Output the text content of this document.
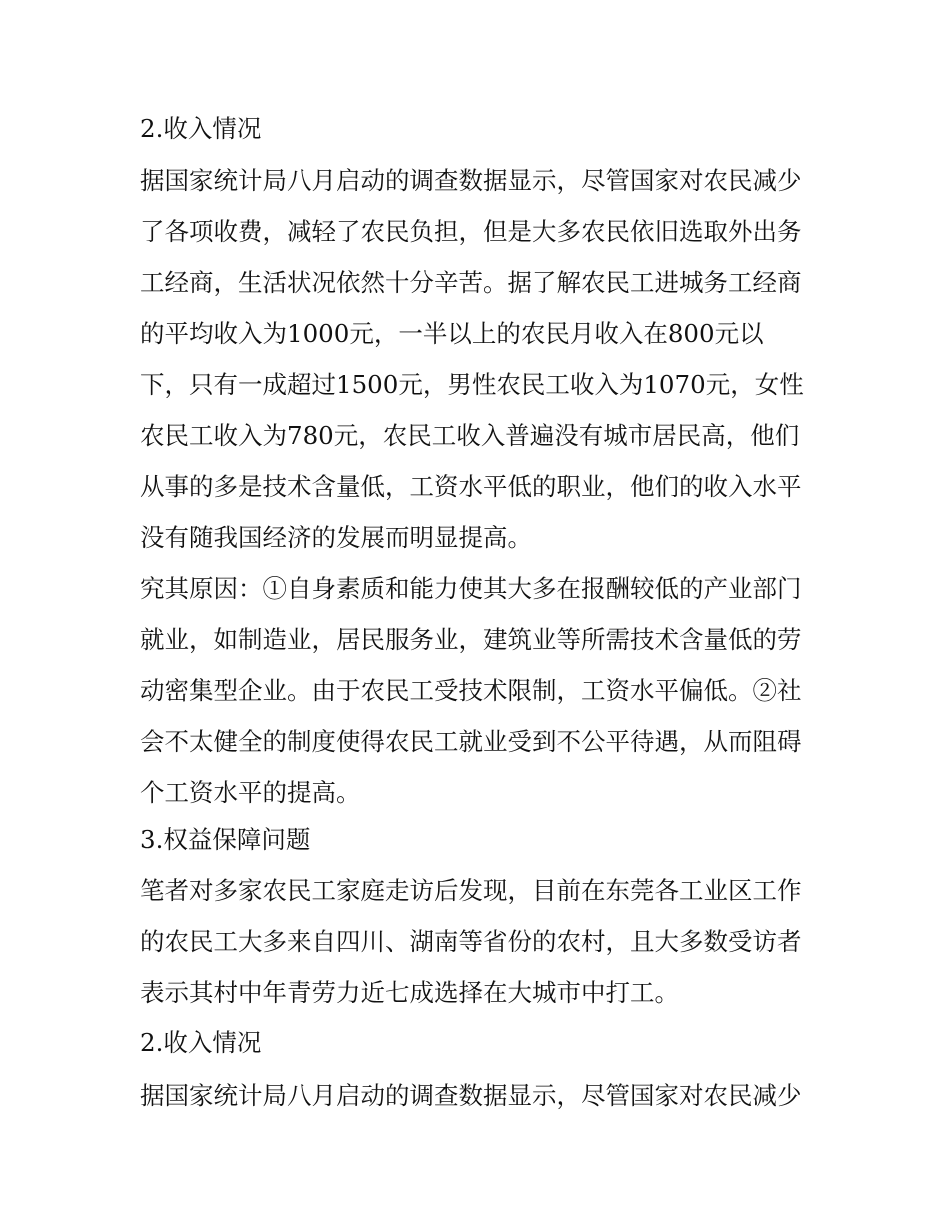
2.收入情况
据国家统计局八月启动的调查数据显示，尽管国家对农民减少
了各项收费，减轻了农民负担，但是大多农民依旧选取外出务
工经商，生活状况依然十分辛苦。据了解农民工进城务工经商
的平均收入为1000元，一半以上的农民月收入在800元以
下，只有一成超过1500元，男性农民工收入为1070元，女性
农民工收入为780元，农民工收入普遍没有城市居民高，他们
从事的多是技术含量低，工资水平低的职业，他们的收入水平
没有随我国经济的发展而明显提高。
究其原因：①自身素质和能力使其大多在报酬较低的产业部门
就业，如制造业，居民服务业，建筑业等所需技术含量低的劳
动密集型企业。由于农民工受技术限制，工资水平偏低。②社
会不太健全的制度使得农民工就业受到不公平待遇，从而阻碍
个工资水平的提高。
3.权益保障问题
笔者对多家农民工家庭走访后发现，目前在东莞各工业区工作
的农民工大多来自四川、湖南等省份的农村，且大多数受访者
表示其村中年青劳力近七成选择在大城市中打工。
2.收入情况
据国家统计局八月启动的调查数据显示，尽管国家对农民减少
